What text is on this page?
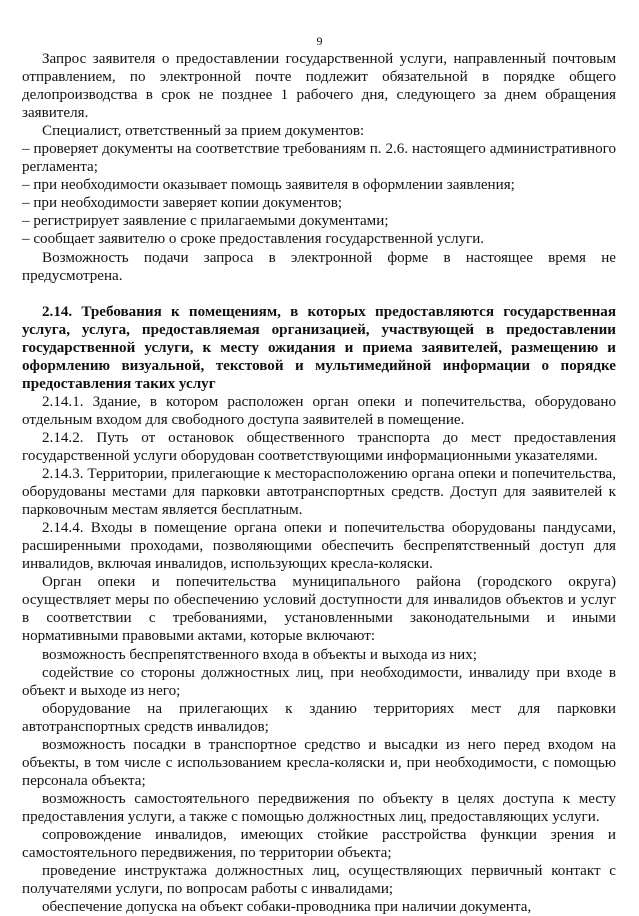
9

Запрос заявителя о предоставлении государственной услуги, направленный почтовым отправлением, по электронной почте подлежит обязательной в порядке общего делопроизводства в срок не позднее 1 рабочего дня, следующего за днем обращения заявителя.

Специалист, ответственный за прием документов:

– проверяет документы на соответствие требованиям п. 2.6. настоящего административного регламента;

– при необходимости оказывает помощь заявителя в оформлении заявления;

– при необходимости заверяет копии документов;

– регистрирует заявление с прилагаемыми документами;

– сообщает заявителю о сроке предоставления государственной услуги.

Возможность подачи запроса в электронной форме в настоящее время не предусмотрена.

2.14. Требования к помещениям, в которых предоставляются государственная услуга, услуга, предоставляемая организацией, участвующей в предоставлении государственной услуги, к месту ожидания и приема заявителей, размещению и оформлению визуальной, текстовой и мультимедийной информации о порядке предоставления таких услуг

2.14.1. Здание, в котором расположен орган опеки и попечительства, оборудовано отдельным входом для свободного доступа заявителей в помещение.

2.14.2. Путь от остановок общественного транспорта до мест предоставления государственной услуги оборудован соответствующими информационными указателями.

2.14.3. Территории, прилегающие к месторасположению органа опеки и попечительства, оборудованы местами для парковки автотранспортных средств. Доступ для заявителей к парковочным местам является бесплатным.

2.14.4. Входы в помещение органа опеки и попечительства оборудованы пандусами, расширенными проходами, позволяющими обеспечить беспрепятственный доступ для инвалидов, включая инвалидов, использующих кресла-коляски.

Орган опеки и попечительства муниципального района (городского округа) осуществляет меры по обеспечению условий доступности для инвалидов объектов и услуг в соответствии с требованиями, установленными законодательными и иными нормативными правовыми актами, которые включают:

возможность беспрепятственного входа в объекты и выхода из них;

содействие со стороны должностных лиц, при необходимости, инвалиду при входе в объект и выходе из него;

оборудование на прилегающих к зданию территориях мест для парковки автотранспортных средств инвалидов;

возможность посадки в транспортное средство и высадки из него перед входом на объекты, в том числе с использованием кресла-коляски и, при необходимости, с помощью персонала объекта;

возможность самостоятельного передвижения по объекту в целях доступа к месту предоставления услуги, а также с помощью должностных лиц, предоставляющих услуги.

сопровождение инвалидов, имеющих стойкие расстройства функции зрения и самостоятельного передвижения, по территории объекта;

проведение инструктажа должностных лиц, осуществляющих первичный контакт с получателями услуги, по вопросам работы с инвалидами;

обеспечение допуска на объект собаки-проводника при наличии документа,
